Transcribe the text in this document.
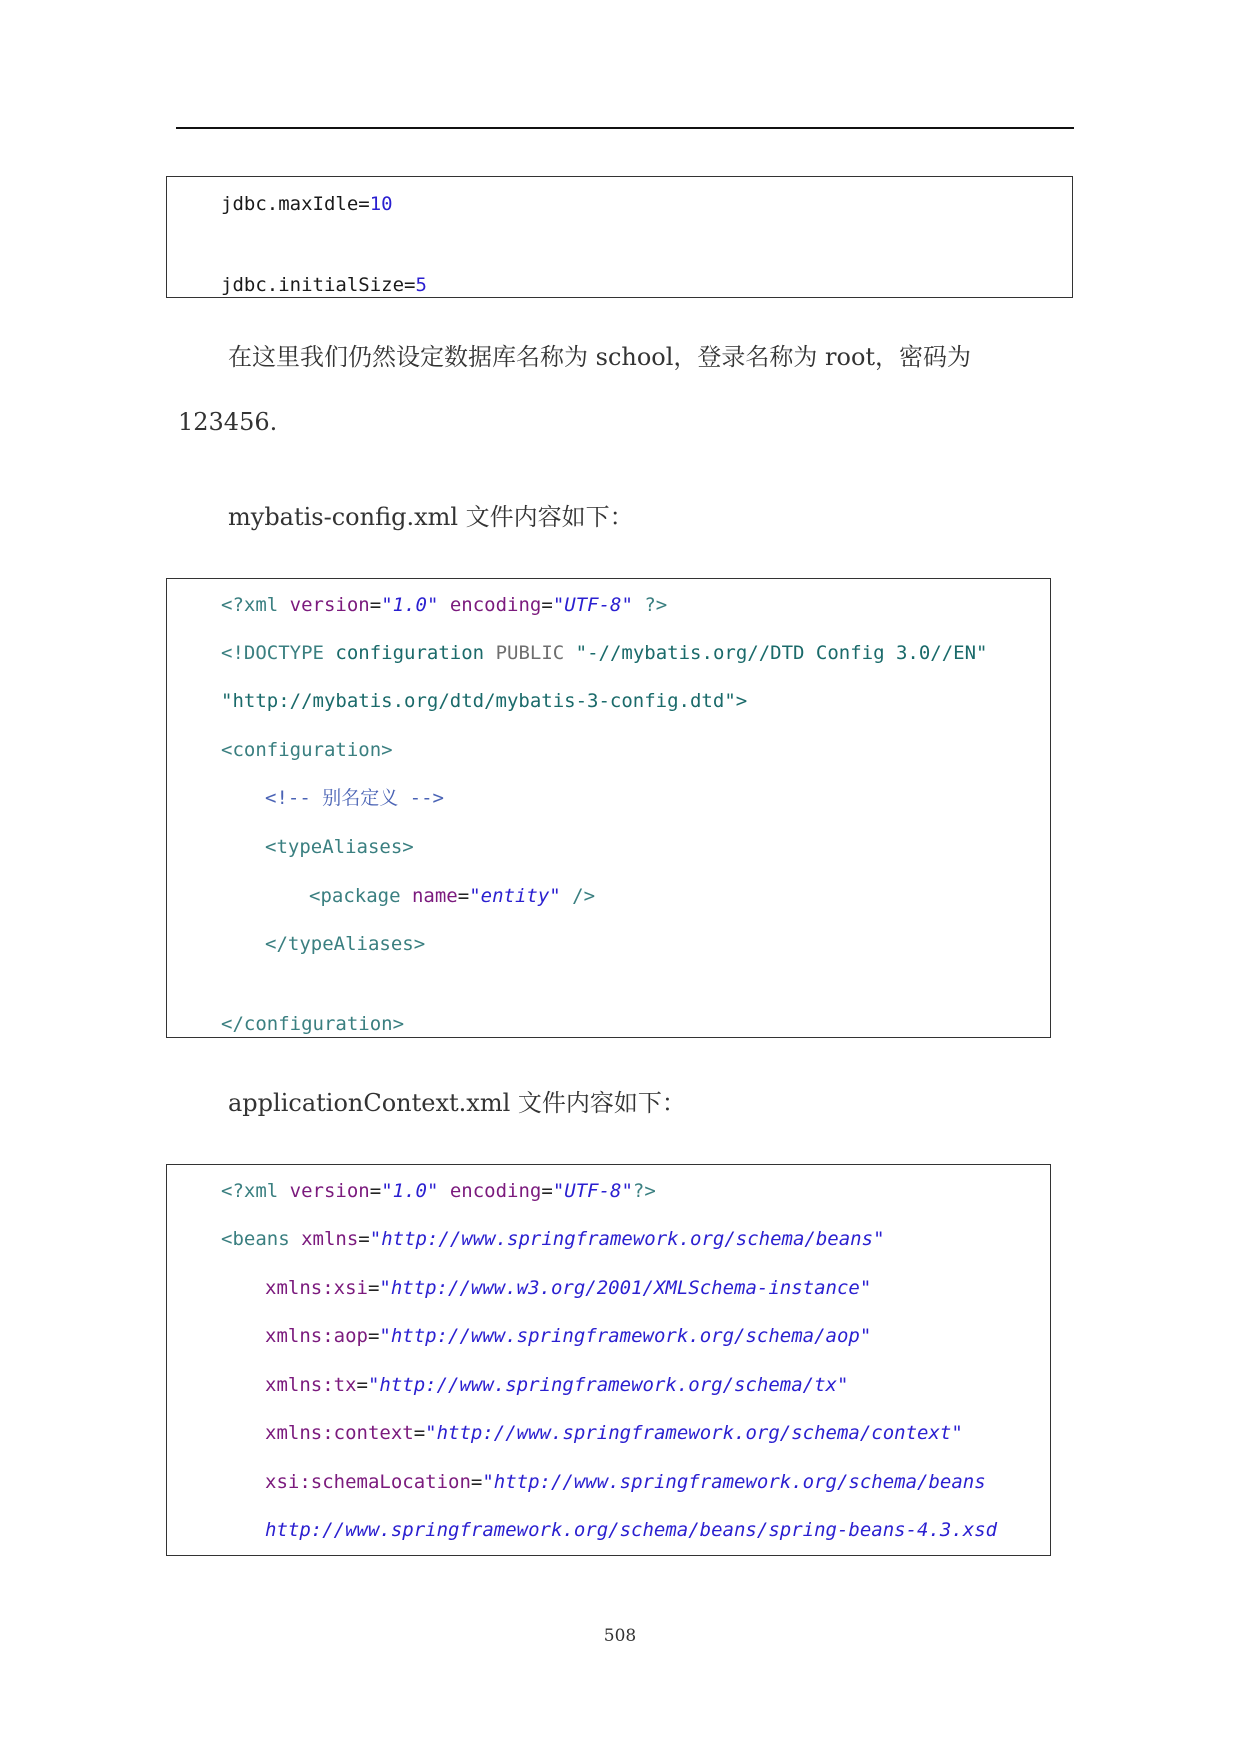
jdbc.maxIdle=10
jdbc.initialSize=5
在这里我们仍然设定数据库名称为 school，登录名称为 root，密码为
123456.
mybatis-config.xml 文件内容如下：
<?xml version="1.0" encoding="UTF-8" ?>
<!DOCTYPE configuration PUBLIC "-//mybatis.org//DTD Config 3.0//EN"
"http://mybatis.org/dtd/mybatis-3-config.dtd">
<configuration>
<!-- 别名定义 -->
<typeAliases>
<package name="entity" />
</typeAliases>
</configuration>
applicationContext.xml 文件内容如下：
<?xml version="1.0" encoding="UTF-8"?>
<beans xmlns="http://www.springframework.org/schema/beans"
xmlns:xsi="http://www.w3.org/2001/XMLSchema-instance"
xmlns:aop="http://www.springframework.org/schema/aop"
xmlns:tx="http://www.springframework.org/schema/tx"
xmlns:context="http://www.springframework.org/schema/context"
xsi:schemaLocation="http://www.springframework.org/schema/beans
http://www.springframework.org/schema/beans/spring-beans-4.3.xsd
508
